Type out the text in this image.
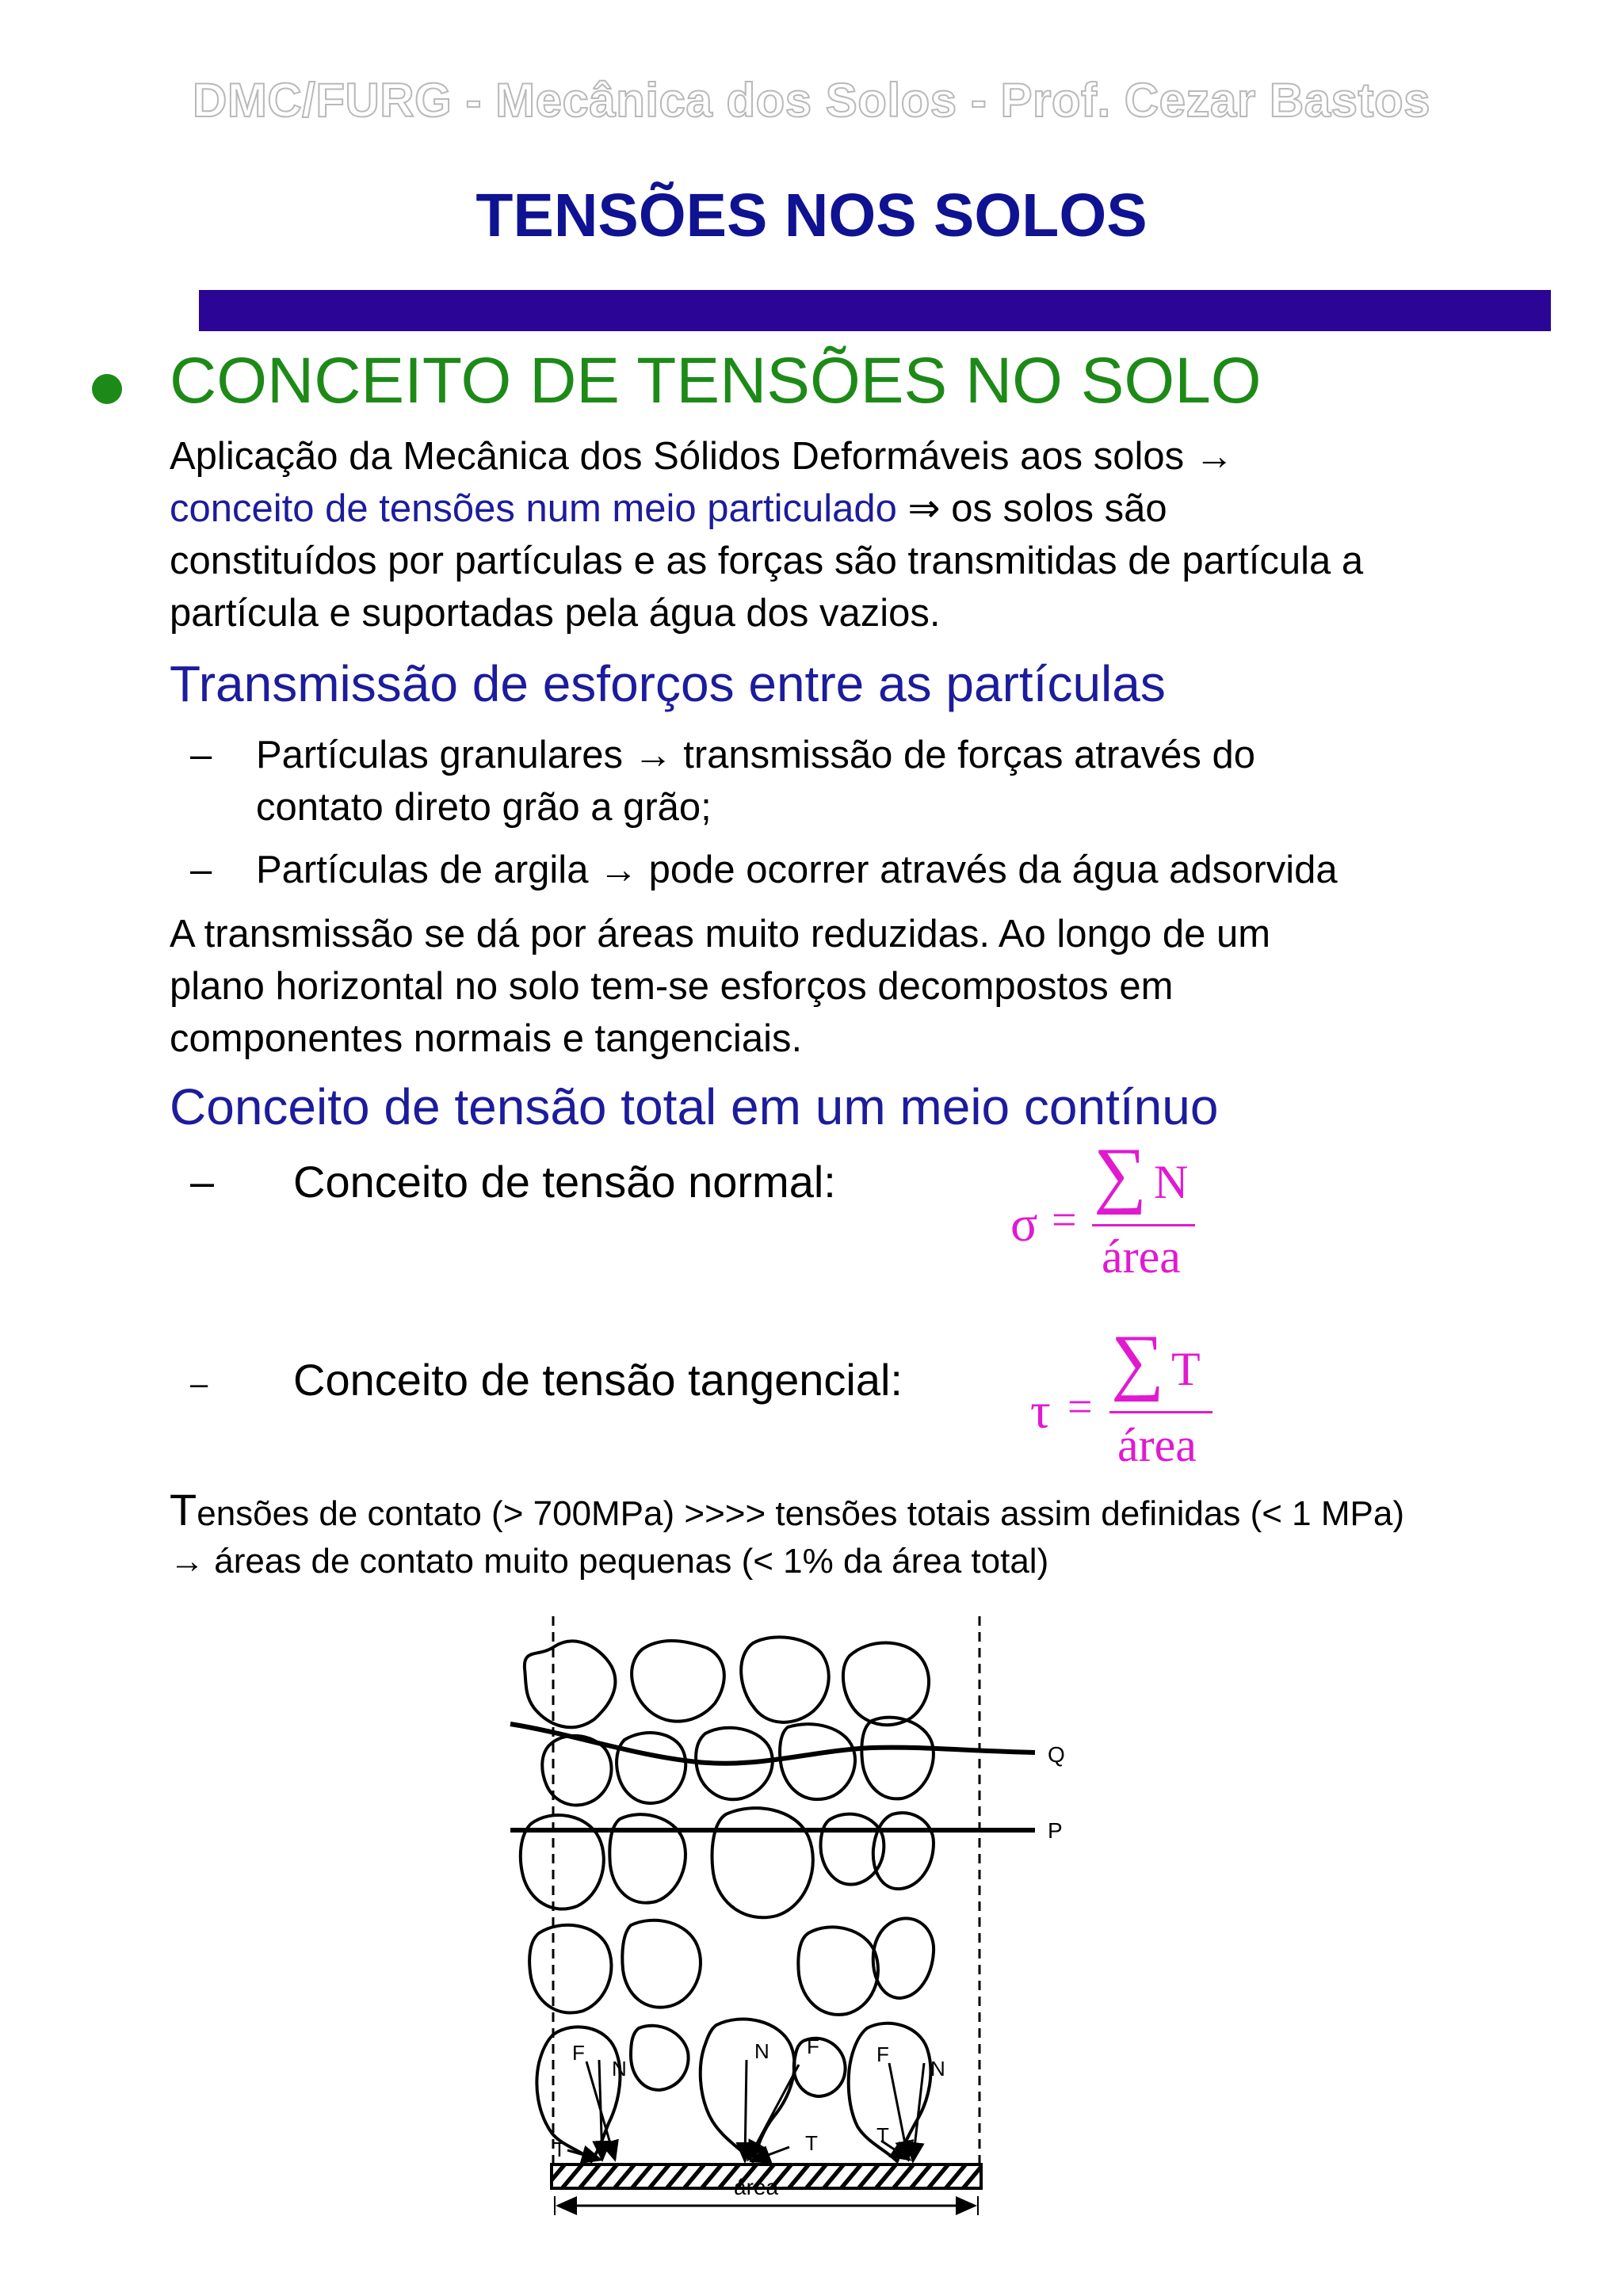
DMC/FURG - Mecânica dos Solos - Prof. Cezar Bastos
TENSÕES NOS SOLOS
CONCEITO DE TENSÕES NO SOLO
Aplicação da Mecânica dos Sólidos Deformáveis aos solos →
conceito de tensões num meio particulado ⇒ os solos são
constituídos por partículas e as forças são transmitidas de partícula a
partícula e suportadas pela água dos vazios.
Transmissão de esforços entre as partículas
–	Partículas granulares → transmissão de forças através do
contato direto grão a grão;
–	Partículas de argila → pode ocorrer através da água adsorvida
A transmissão se dá por áreas muito reduzidas. Ao longo de um
plano horizontal no solo tem-se esforços decompostos em
componentes normais e tangenciais.
Conceito de tensão total em um meio contínuo
–	Conceito de tensão normal:
σ =
∑ N
área
–	Conceito de tensão tangencial:
τ =
∑ T
área
Tensões de contato (> 700MPa) >>>> tensões totais assim definidas (< 1 MPa)
→ áreas de contato muito pequenas (< 1% da área total)
Q
P
F
N
T
N F
T
F
N
T
área
